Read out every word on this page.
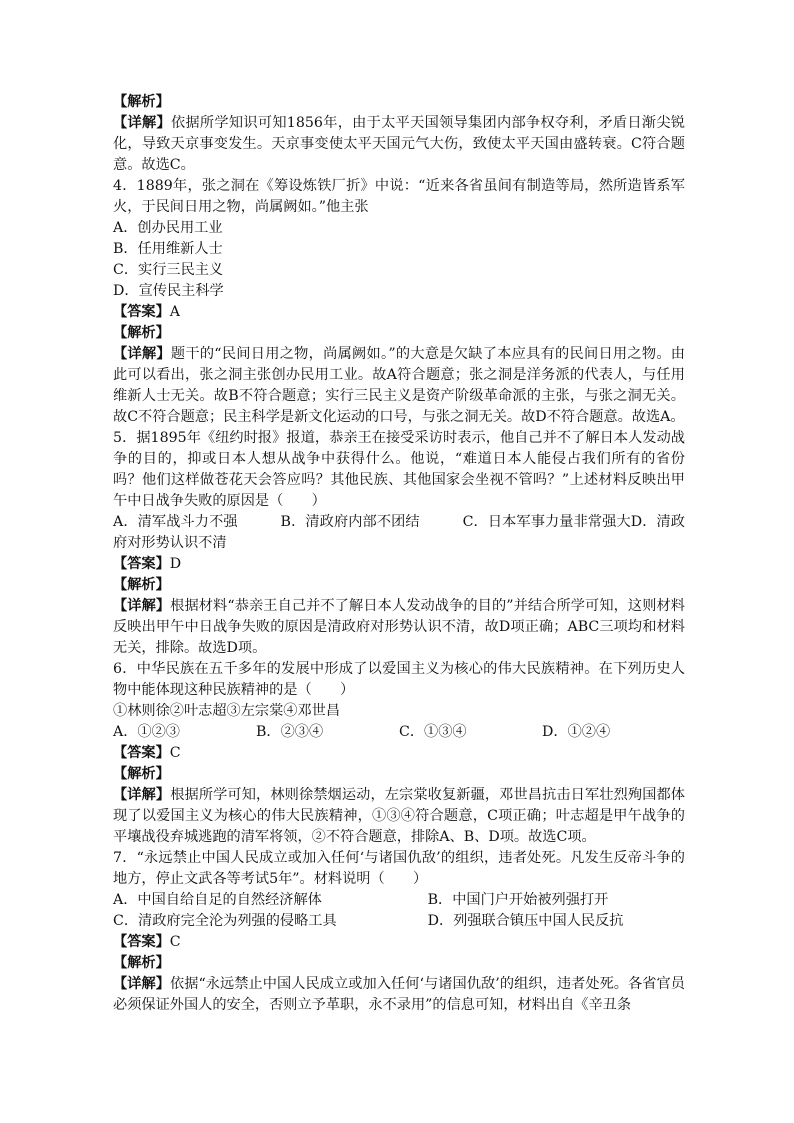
【解析】

【详解】依据所学知识可知1856年，由于太平天国领导集团内部争权夺利，矛盾日渐尖锐化，导致天京事变发生。天京事变使太平天国元气大伤，致使太平天国由盛转衰。C符合题意。故选C。

4．1889年，张之洞在《筹设炼铁厂折》中说：“近来各省虽间有制造等局，然所造皆系军火，于民间日用之物，尚属阙如。”他主张

A．创办民用工业

B．任用维新人士

C．实行三民主义

D．宣传民主科学

【答案】A

【解析】

【详解】题干的“民间日用之物，尚属阙如。”的大意是欠缺了本应具有的民间日用之物。由此可以看出，张之洞主张创办民用工业。故A符合题意；张之洞是洋务派的代表人，与任用维新人士无关。故B不符合题意；实行三民主义是资产阶级革命派的主张，与张之洞无关。故C不符合题意；民主科学是新文化运动的口号，与张之洞无关。故D不符合题意。故选A。

5．据1895年《纽约时报》报道，恭亲王在接受采访时表示，他自己并不了解日本人发动战争的目的，抑或日本人想从战争中获得什么。他说，“难道日本人能侵占我们所有的省份吗？他们这样做苍花天会答应吗？其他民族、其他国家会坐视不管吗？”上述材料反映出甲午中日战争失败的原因是（　　）

A．清军战斗力不强　　　B．清政府内部不团结　　　C．日本军事力量非常强大D．清政府对形势认识不清

【答案】D

【解析】

【详解】根据材料“恭亲王自己并不了解日本人发动战争的目的”并结合所学可知，这则材料反映出甲午中日战争失败的原因是清政府对形势认识不清，故D项正确；ABC三项均和材料无关，排除。故选D项。

6．中华民族在五千多年的发展中形成了以爱国主义为核心的伟大民族精神。在下列历史人物中能体现这种民族精神的是（　　）

①林则徐②叶志超③左宗棠④邓世昌

A．①②③	B．②③④	C．①③④	D．①②④

【答案】C

【解析】

【详解】根据所学可知，林则徐禁烟运动，左宗棠收复新疆，邓世昌抗击日军壮烈殉国都体现了以爱国主义为核心的伟大民族精神，①③④符合题意，C项正确；叶志超是甲午战争的平壤战役弃城逃跑的清军将领，②不符合题意，排除A、B、D项。故选C项。

7．“永远禁止中国人民成立或加入任何‘与诸国仇敌’的组织，违者处死。凡发生反帝斗争的地方，停止文武各等考试5年”。材料说明（　　）

A．中国自给自足的自然经济解体	B．中国门户开始被列强打开

C．清政府完全沦为列强的侵略工具	D．列强联合镇压中国人民反抗

【答案】C

【解析】

【详解】依据“永远禁止中国人民成立或加入任何‘与诸国仇敌’的组织，违者处死。各省官员必须保证外国人的安全，否则立予革职，永不录用”的信息可知，材料出自《辛丑条
